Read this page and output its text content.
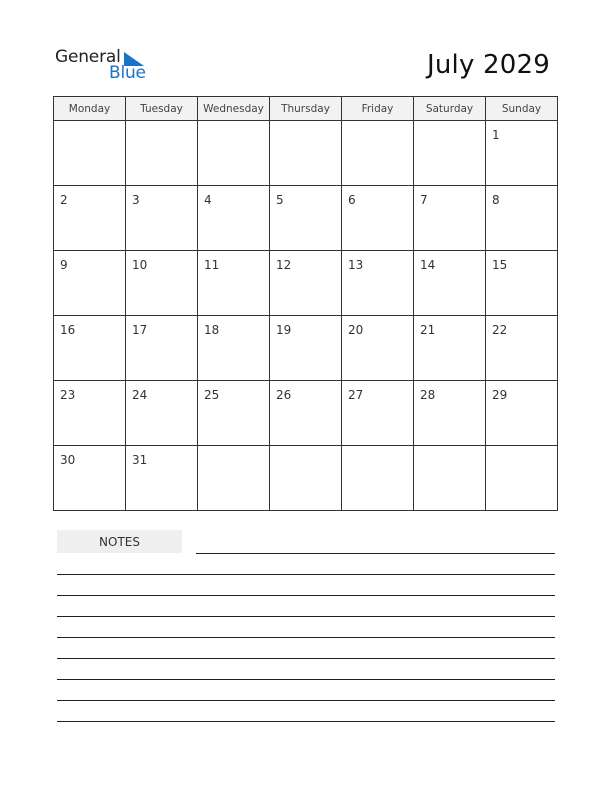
General
Blue	July 2029
Monday	Tuesday	Wednesday	Thursday	Friday	Saturday	Sunday

						1

2	3	4	5	6	7	8

9	10	11	12	13	14	15

16	17	18	19	20	21	22

23	24	25	26	27	28	29

30	31					

NOTES
